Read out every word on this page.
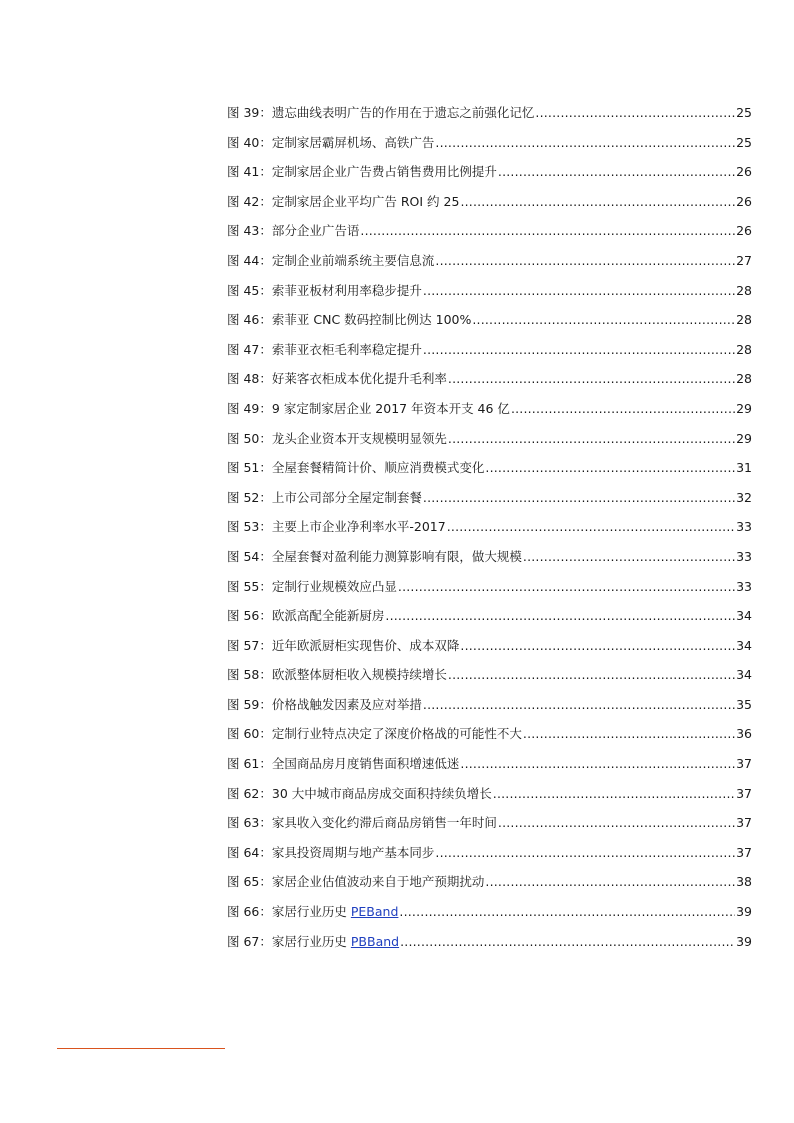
图 39： 遗忘曲线表明广告的作用在于遗忘之前强化记忆 .....	25
图 40： 定制家居霸屏机场、高铁广告 .....	25
图 41： 定制家居企业广告费占销售费用比例提升 .....	26
图 42： 定制家居企业平均广告 ROI 约 25 .....	26
图 43： 部分企业广告语 .....	26
图 44： 定制企业前端系统主要信息流 .....	27
图 45： 索菲亚板材利用率稳步提升 .....	28
图 46： 索菲亚 CNC 数码控制比例达 100% .....	28
图 47： 索菲亚衣柜毛利率稳定提升 .....	28
图 48： 好莱客衣柜成本优化提升毛利率 .....	28
图 49： 9 家定制家居企业 2017 年资本开支 46 亿 .....	29
图 50： 龙头企业资本开支规模明显领先 .....	29
图 51： 全屋套餐精简计价、顺应消费模式变化 .....	31
图 52： 上市公司部分全屋定制套餐 .....	32
图 53： 主要上市企业净利率水平-2017 .....	33
图 54： 全屋套餐对盈利能力测算影响有限，做大规模 .....	33
图 55： 定制行业规模效应凸显 .....	33
图 56： 欧派高配全能新厨房 .....	34
图 57： 近年欧派厨柜实现售价、成本双降 .....	34
图 58： 欧派整体厨柜收入规模持续增长 .....	34
图 59： 价格战触发因素及应对举措 .....	35
图 60： 定制行业特点决定了深度价格战的可能性不大 .....	36
图 61： 全国商品房月度销售面积增速低迷 .....	37
图 62： 30 大中城市商品房成交面积持续负增长 .....	37
图 63： 家具收入变化约滞后商品房销售一年时间 .....	37
图 64： 家具投资周期与地产基本同步 .....	37
图 65： 家居企业估值波动来自于地产预期扰动 .....	38
图 66： 家居行业历史 PEBand .....	39
图 67： 家居行业历史 PBBand .....	39
